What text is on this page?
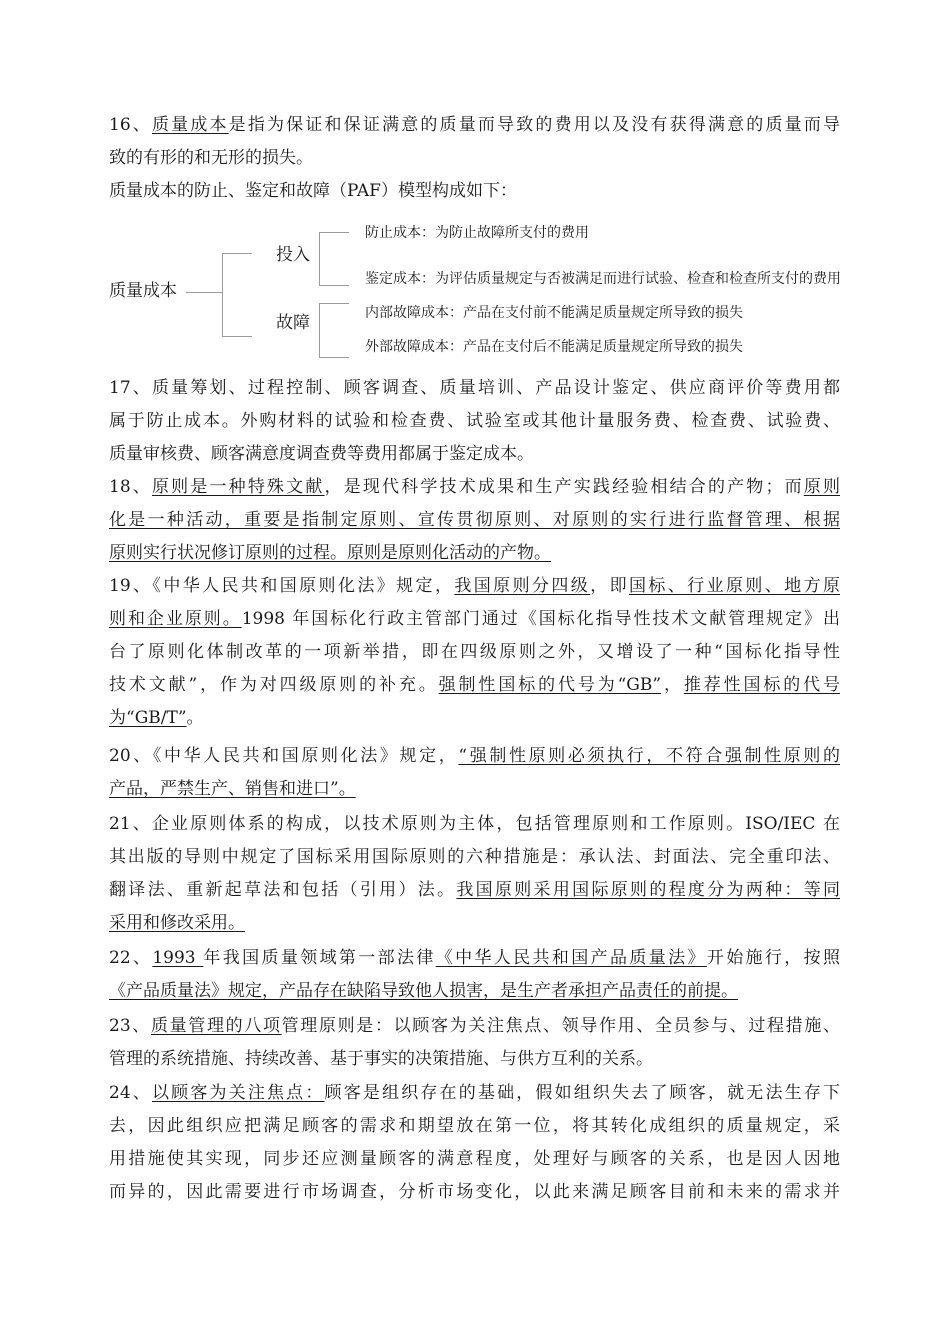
16、质量成本是指为保证和保证满意的质量而导致的费用以及没有获得满意的质量而导
致的有形的和无形的损失。
质量成本的防止、鉴定和故障（PAF）模型构成如下：
质量成本
投入
故障
防止成本：为防止故障所支付的费用
鉴定成本：为评估质量规定与否被满足而进行试验、检查和检查所支付的费用
内部故障成本：产品在支付前不能满足质量规定所导致的损失
外部故障成本：产品在支付后不能满足质量规定所导致的损失
17、质量筹划、过程控制、顾客调查、质量培训、产品设计鉴定、供应商评价等费用都
属于防止成本。外购材料的试验和检查费、试验室或其他计量服务费、检查费、试验费、
质量审核费、顾客满意度调查费等费用都属于鉴定成本。
18、原则是一种特殊文献，是现代科学技术成果和生产实践经验相结合的产物；而原则
化是一种活动，重要是指制定原则、宣传贯彻原则、对原则的实行进行监督管理、根据
原则实行状况修订原则的过程。原则是原则化活动的产物。
19、《中华人民共和国原则化法》规定，我国原则分四级，即国标、行业原则、地方原
则和企业原则。1998 年国标化行政主管部门通过《国标化指导性技术文献管理规定》出
台了原则化体制改革的一项新举措，即在四级原则之外，又增设了一种“国标化指导性
技术文献”，作为对四级原则的补充。强制性国标的代号为“GB”，推荐性国标的代号
为“GB/T”。
20、《中华人民共和国原则化法》规定，“强制性原则必须执行，不符合强制性原则的
产品，严禁生产、销售和进口”。
21、企业原则体系的构成，以技术原则为主体，包括管理原则和工作原则。ISO/IEC 在
其出版的导则中规定了国标采用国际原则的六种措施是：承认法、封面法、完全重印法、
翻译法、重新起草法和包括（引用）法。我国原则采用国际原则的程度分为两种：等同
采用和修改采用。
22、1993 年我国质量领域第一部法律《中华人民共和国产品质量法》开始施行，按照
《产品质量法》规定，产品存在缺陷导致他人损害，是生产者承担产品责任的前提。
23、质量管理的八项管理原则是：以顾客为关注焦点、领导作用、全员参与、过程措施、
管理的系统措施、持续改善、基于事实的决策措施、与供方互利的关系。
24、以顾客为关注焦点：顾客是组织存在的基础，假如组织失去了顾客，就无法生存下
去，因此组织应把满足顾客的需求和期望放在第一位，将其转化成组织的质量规定，采
用措施使其实现，同步还应测量顾客的满意程度，处理好与顾客的关系，也是因人因地
而异的，因此需要进行市场调查，分析市场变化，以此来满足顾客目前和未来的需求并
